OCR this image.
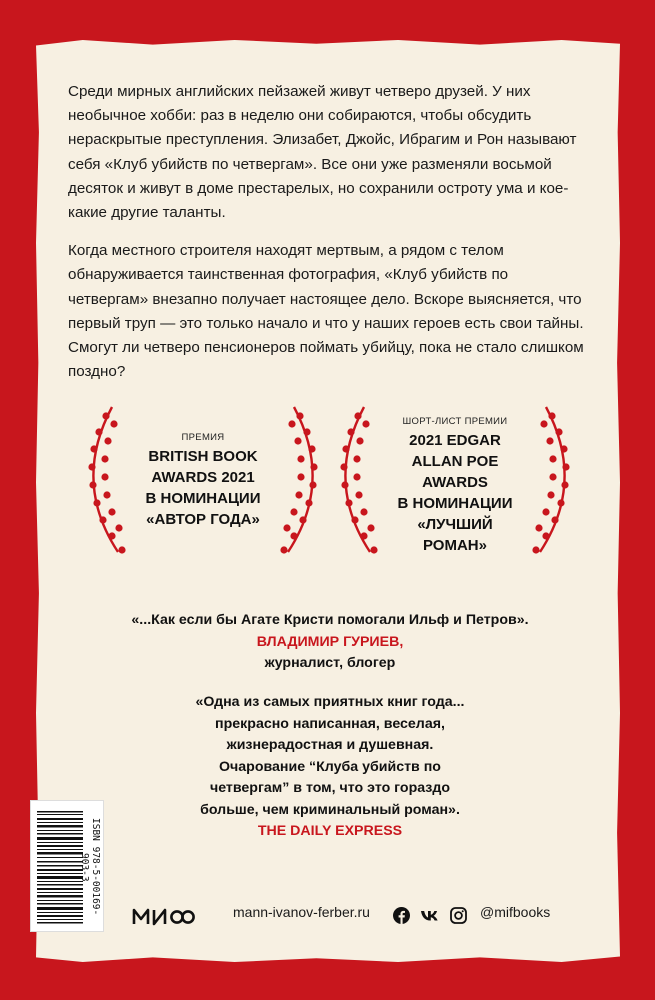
Среди мирных английских пейзажей живут четверо друзей. У них необычное хобби: раз в неделю они собираются, чтобы обсудить нераскрытые преступления. Элизабет, Джойс, Ибрагим и Рон называют себя «Клуб убийств по четвергам». Все они уже разменяли восьмой десяток и живут в доме престарелых, но сохранили остроту ума и кое-какие другие таланты.

Когда местного строителя находят мертвым, а рядом с телом обнаруживается таинственная фотография, «Клуб убийств по четвергам» внезапно получает настоящее дело. Вскоре выясняется, что первый труп — это только начало и что у наших героев есть свои тайны. Смогут ли четверо пенсионеров поймать убийцу, пока не стало слишком поздно?

ПРЕМИЯ
BRITISH BOOK
AWARDS 2021
В НОМИНАЦИИ
«АВТОР ГОДА»
ШОРТ-ЛИСТ ПРЕМИИ
2021 EDGAR
ALLAN POE
AWARDS
В НОМИНАЦИИ
«ЛУЧШИЙ
РОМАН»
«...Как если бы Агате Кристи помогали Ильф и Петров».
ВЛАДИМИР ГУРИЕВ,
журналист, блогер
«Одна из самых приятных книг года... прекрасно написанная, веселая, жизнерадостная и душевная. Очарование “Клуба убийств по четвергам” в том, что это гораздо больше, чем криминальный роман».
THE DAILY EXPRESS
ISBN 978-5-00169-903-3
mann-ivanov-ferber.ru	@mifbooks
